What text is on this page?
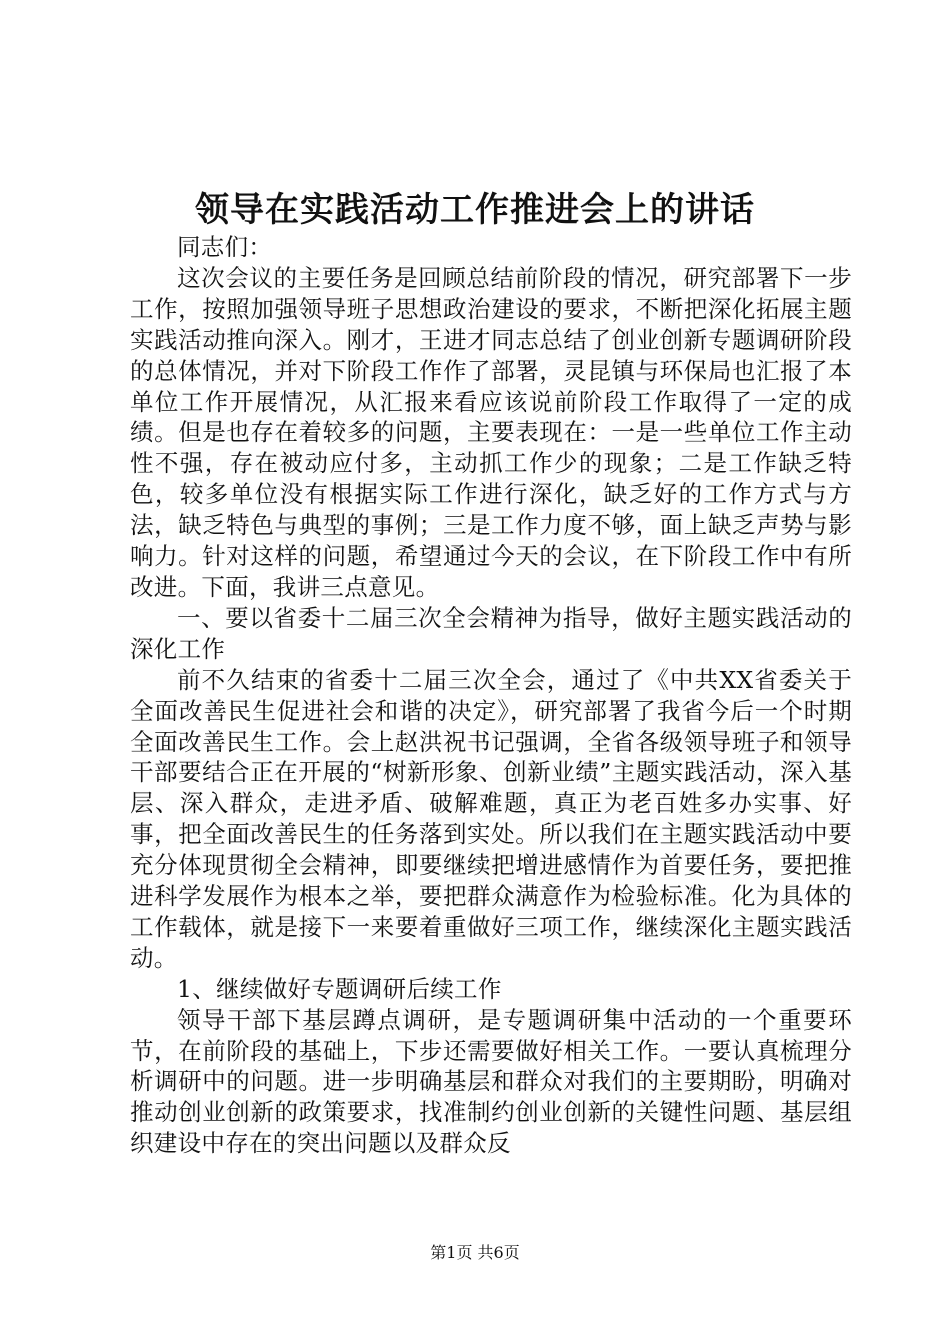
领导在实践活动工作推进会上的讲话

同志们：

这次会议的主要任务是回顾总结前阶段的情况，研究部署下一步工作，按照加强领导班子思想政治建设的要求，不断把深化拓展主题实践活动推向深入。刚才，王进才同志总结了创业创新专题调研阶段的总体情况，并对下阶段工作作了部署，灵昆镇与环保局也汇报了本单位工作开展情况，从汇报来看应该说前阶段工作取得了一定的成绩。但是也存在着较多的问题，主要表现在：一是一些单位工作主动性不强，存在被动应付多，主动抓工作少的现象；二是工作缺乏特色，较多单位没有根据实际工作进行深化，缺乏好的工作方式与方法，缺乏特色与典型的事例；三是工作力度不够，面上缺乏声势与影响力。针对这样的问题，希望通过今天的会议，在下阶段工作中有所改进。下面，我讲三点意见。

一、要以省委十二届三次全会精神为指导，做好主题实践活动的深化工作

前不久结束的省委十二届三次全会，通过了《中共XX省委关于全面改善民生促进社会和谐的决定》，研究部署了我省今后一个时期全面改善民生工作。会上赵洪祝书记强调，全省各级领导班子和领导干部要结合正在开展的“树新形象、创新业绩”主题实践活动，深入基层、深入群众，走进矛盾、破解难题，真正为老百姓多办实事、好事，把全面改善民生的任务落到实处。所以我们在主题实践活动中要充分体现贯彻全会精神，即要继续把增进感情作为首要任务，要把推进科学发展作为根本之举，要把群众满意作为检验标准。化为具体的工作载体，就是接下一来要着重做好三项工作，继续深化主题实践活动。

1、继续做好专题调研后续工作

领导干部下基层蹲点调研，是专题调研集中活动的一个重要环节，在前阶段的基础上，下步还需要做好相关工作。一要认真梳理分析调研中的问题。进一步明确基层和群众对我们的主要期盼，明确对推动创业创新的政策要求，找准制约创业创新的关键性问题、基层组织建设中存在的突出问题以及群众反

第1页 共6页
